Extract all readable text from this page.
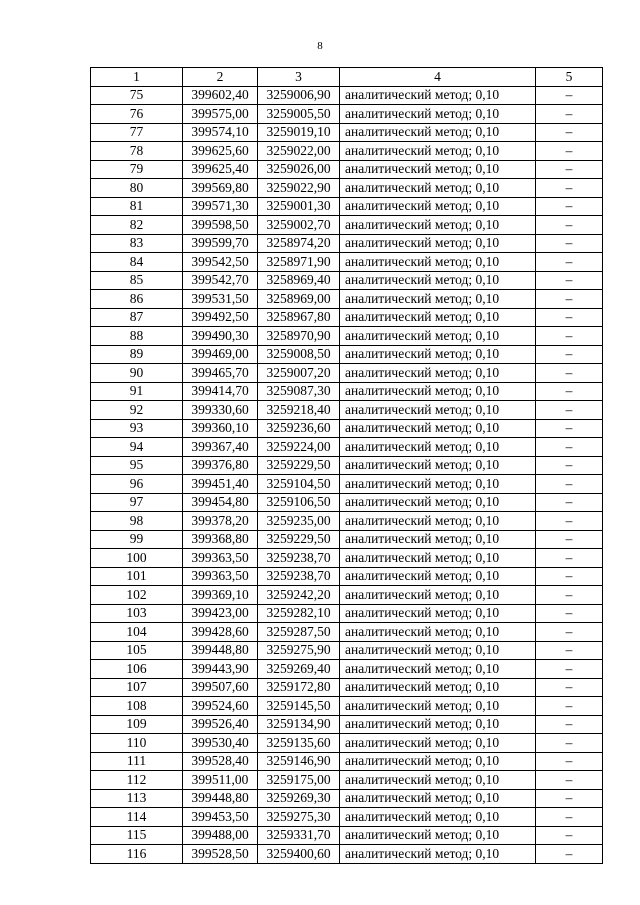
8
1	2	3	4	5
75	399602,40	3259006,90	аналитический метод; 0,10	–
76	399575,00	3259005,50	аналитический метод; 0,10	–
77	399574,10	3259019,10	аналитический метод; 0,10	–
78	399625,60	3259022,00	аналитический метод; 0,10	–
79	399625,40	3259026,00	аналитический метод; 0,10	–
80	399569,80	3259022,90	аналитический метод; 0,10	–
81	399571,30	3259001,30	аналитический метод; 0,10	–
82	399598,50	3259002,70	аналитический метод; 0,10	–
83	399599,70	3258974,20	аналитический метод; 0,10	–
84	399542,50	3258971,90	аналитический метод; 0,10	–
85	399542,70	3258969,40	аналитический метод; 0,10	–
86	399531,50	3258969,00	аналитический метод; 0,10	–
87	399492,50	3258967,80	аналитический метод; 0,10	–
88	399490,30	3258970,90	аналитический метод; 0,10	–
89	399469,00	3259008,50	аналитический метод; 0,10	–
90	399465,70	3259007,20	аналитический метод; 0,10	–
91	399414,70	3259087,30	аналитический метод; 0,10	–
92	399330,60	3259218,40	аналитический метод; 0,10	–
93	399360,10	3259236,60	аналитический метод; 0,10	–
94	399367,40	3259224,00	аналитический метод; 0,10	–
95	399376,80	3259229,50	аналитический метод; 0,10	–
96	399451,40	3259104,50	аналитический метод; 0,10	–
97	399454,80	3259106,50	аналитический метод; 0,10	–
98	399378,20	3259235,00	аналитический метод; 0,10	–
99	399368,80	3259229,50	аналитический метод; 0,10	–
100	399363,50	3259238,70	аналитический метод; 0,10	–
101	399363,50	3259238,70	аналитический метод; 0,10	–
102	399369,10	3259242,20	аналитический метод; 0,10	–
103	399423,00	3259282,10	аналитический метод; 0,10	–
104	399428,60	3259287,50	аналитический метод; 0,10	–
105	399448,80	3259275,90	аналитический метод; 0,10	–
106	399443,90	3259269,40	аналитический метод; 0,10	–
107	399507,60	3259172,80	аналитический метод; 0,10	–
108	399524,60	3259145,50	аналитический метод; 0,10	–
109	399526,40	3259134,90	аналитический метод; 0,10	–
110	399530,40	3259135,60	аналитический метод; 0,10	–
111	399528,40	3259146,90	аналитический метод; 0,10	–
112	399511,00	3259175,00	аналитический метод; 0,10	–
113	399448,80	3259269,30	аналитический метод; 0,10	–
114	399453,50	3259275,30	аналитический метод; 0,10	–
115	399488,00	3259331,70	аналитический метод; 0,10	–
116	399528,50	3259400,60	аналитический метод; 0,10	–
